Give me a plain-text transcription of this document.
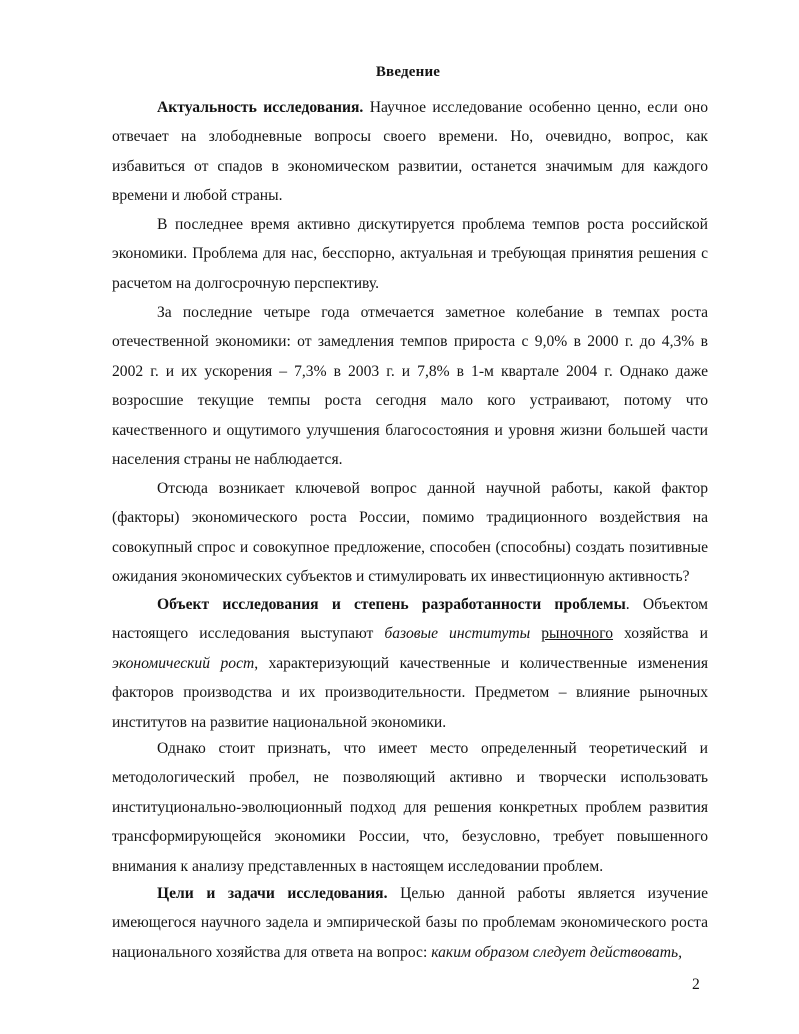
Введение

Актуальность исследования. Научное исследование особенно ценно, если оно отвечает на злободневные вопросы своего времени. Но, очевидно, вопрос, как избавиться от спадов в экономическом развитии, останется значимым для каждого времени и любой страны.

В последнее время активно дискутируется проблема темпов роста российской экономики. Проблема для нас, бесспорно, актуальная и требующая принятия решения с расчетом на долгосрочную перспективу.

За последние четыре года отмечается заметное колебание в темпах роста отечественной экономики: от замедления темпов прироста с 9,0% в 2000 г. до 4,3% в 2002 г. и их ускорения – 7,3% в 2003 г. и 7,8% в 1-м квартале 2004 г. Однако даже возросшие текущие темпы роста сегодня мало кого устраивают, потому что качественного и ощутимого улучшения благосостояния и уровня жизни большей части населения страны не наблюдается.

Отсюда возникает ключевой вопрос данной научной работы, какой фактор (факторы) экономического роста России, помимо традиционного воздействия на совокупный спрос и совокупное предложение, способен (способны) создать позитивные ожидания экономических субъектов и стимулировать их инвестиционную активность?

Объект исследования и степень разработанности проблемы. Объектом настоящего исследования выступают базовые институты рыночного хозяйства и экономический рост, характеризующий качественные и количественные изменения факторов производства и их производительности. Предметом – влияние рыночных институтов на развитие национальной экономики.

Однако стоит признать, что имеет место определенный теоретический и методологический пробел, не позволяющий активно и творчески использовать институционально-эволюционный подход для решения конкретных проблем развития трансформирующейся экономики России, что, безусловно, требует повышенного внимания к анализу представленных в настоящем исследовании проблем.

Цели и задачи исследования. Целью данной работы является изучение имеющегося научного задела и эмпирической базы по проблемам экономического роста национального хозяйства для ответа на вопрос: каким образом следует действовать,

2
